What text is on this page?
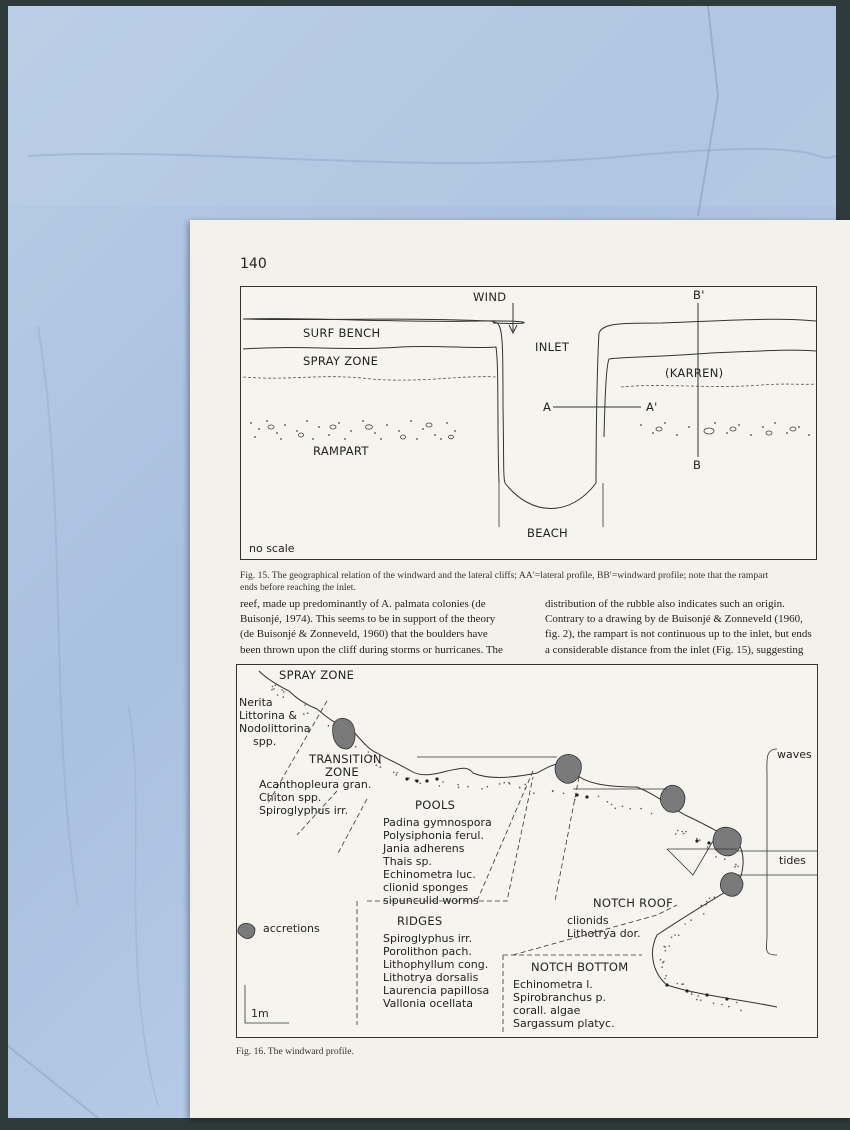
140
WIND
SURF BENCH
SPRAY ZONE
INLET
(KARREN)
A	A'
B'
B
RAMPART
BEACH
no scale
Fig. 15. The geographical relation of the windward and the lateral cliffs; AA′=lateral profile, BB′=windward profile; note that the rampart
ends before reaching the inlet.

reef, made up predominantly of A. palmata colonies (de

Buisonjé, 1974). This seems to be in support of the theory

(de Buisonjé & Zonneveld, 1960) that the boulders have

been thrown upon the cliff during storms or hurricanes. The

distribution of the rubble also indicates such an origin.

Contrary to a drawing by de Buisonjé & Zonneveld (1960,

fig. 2), the rampart is not continuous up to the inlet, but ends

a considerable distance from the inlet (Fig. 15), suggesting

SPRAY ZONE
Nerita
Littorina &
Nodolittorina
spp.
TRANSITION
ZONE
Acanthopleura gran.
Chiton spp.
Spiroglyphus irr.	POOLS
Padina gymnospora
Polysiphonia ferul.
Jania adherens
Thais sp.
Echinometra luc.
clionid sponges
sipunculid worms
RIDGES
Spiroglyphus irr.
Porolithon pach.
Lithophyllum cong.
Lithotrya dorsalis
Laurencia papillosa
Vallonia ocellata
NOTCH ROOF
clionids
Lithotrya dor.
NOTCH BOTTOM
Echinometra l.
Spirobranchus p.
corall. algae
Sargassum platyc.
accretions
waves
tides
1m
Fig. 16. The windward profile.
